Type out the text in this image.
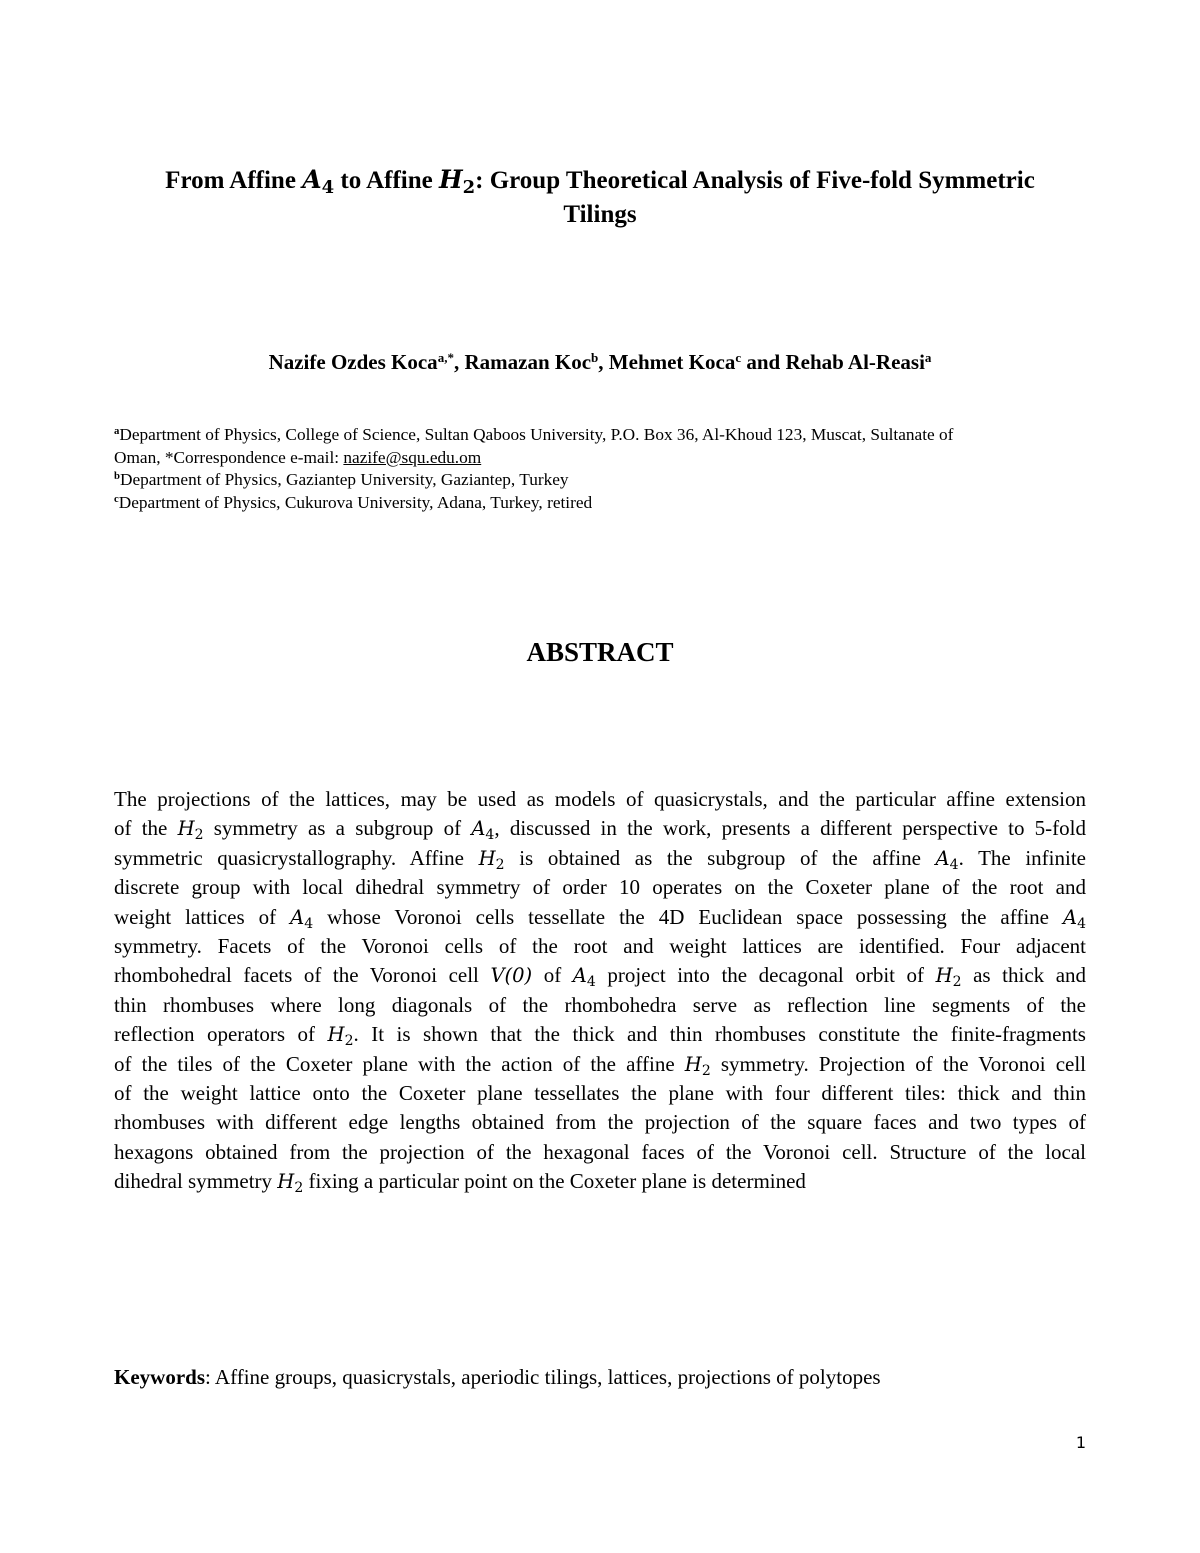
From Affine $A_4$ to Affine $H_2$: Group Theoretical Analysis of Five-fold Symmetric
Tilings
Nazife Ozdes Koca$^{a,*}$, Ramazan Koc$^b$, Mehmet Koca$^c$ and Rehab Al-Reasi$^a$
$^a$Department of Physics, College of Science, Sultan Qaboos University, P.O. Box 36, Al-Khoud 123, Muscat, Sultanate of
Oman, *Correspondence e-mail: nazife@squ.edu.om
$^b$Department of Physics, Gaziantep University, Gaziantep, Turkey
$^c$Department of Physics, Cukurova University, Adana, Turkey, retired
ABSTRACT
The projections of the lattices, may be used as models of quasicrystals, and the particular affine extension
of the $H_2$ symmetry as a subgroup of $A_4$, discussed in the work, presents a different perspective to 5-fold
symmetric quasicrystallography. Affine $H_2$ is obtained as the subgroup of the affine $A_4$. The infinite
discrete group with local dihedral symmetry of order 10 operates on the Coxeter plane of the root and
weight lattices of $A_4$ whose Voronoi cells tessellate the 4D Euclidean space possessing the affine $A_4$
symmetry. Facets of the Voronoi cells of the root and weight lattices are identified. Four adjacent
rhombohedral facets of the Voronoi cell V(0) of $A_4$ project into the decagonal orbit of $H_2$ as thick and
thin rhombuses where long diagonals of the rhombohedra serve as reflection line segments of the
reflection operators of $H_2$. It is shown that the thick and thin rhombuses constitute the finite-fragments
of the tiles of the Coxeter plane with the action of the affine $H_2$ symmetry. Projection of the Voronoi cell
of the weight lattice onto the Coxeter plane tessellates the plane with four different tiles: thick and thin
rhombuses with different edge lengths obtained from the projection of the square faces and two types of
hexagons obtained from the projection of the hexagonal faces of the Voronoi cell. Structure of the local
dihedral symmetry $H_2$ fixing a particular point on the Coxeter plane is determined
Keywords: Affine groups, quasicrystals, aperiodic tilings, lattices, projections of polytopes
1
